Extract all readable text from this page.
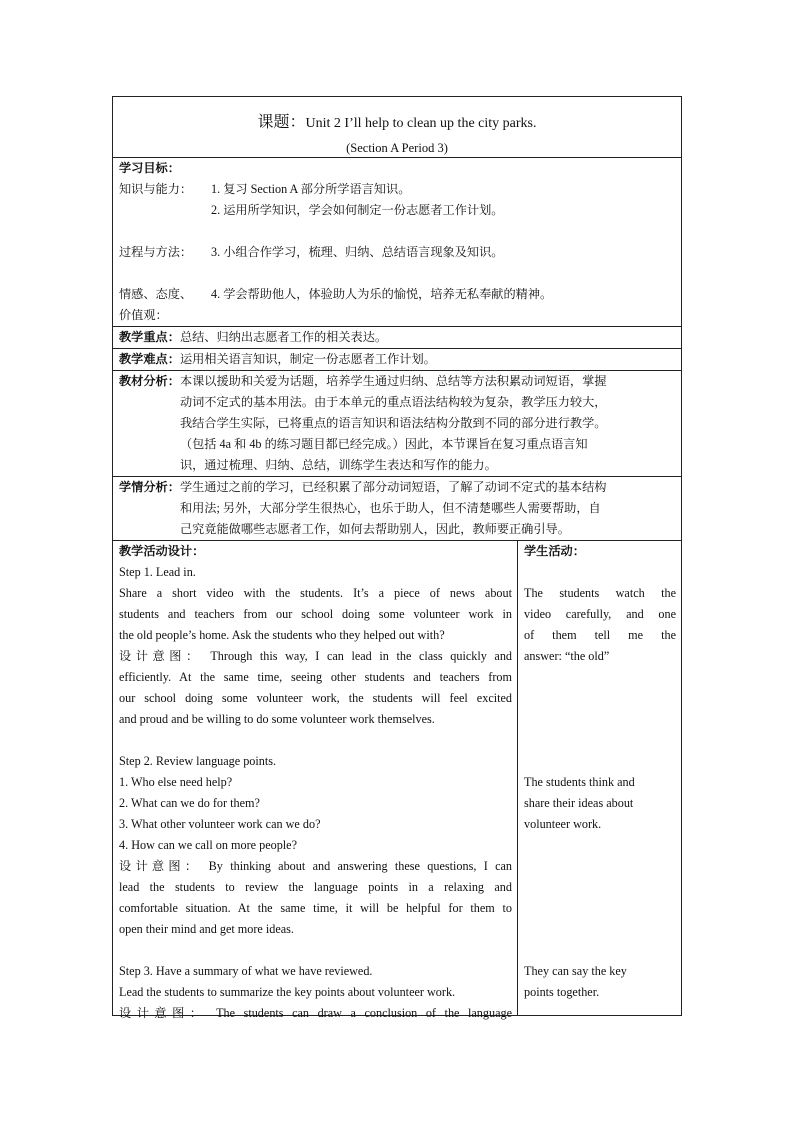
课题：Unit 2 I’ll help to clean up the city parks.
(Section A Period 3)
学习目标：
知识与能力： 1. 复习 Section A 部分所学语言知识。
2. 运用所学知识，学会如何制定一份志愿者工作计划。
过程与方法： 3. 小组合作学习，梳理、归纳、总结语言现象及知识。
情感、态度、 4. 学会帮助他人，体验助人为乐的愉悦，培养无私奉献的精神。
价值观：
教学重点：总结、归纳出志愿者工作的相关表达。
教学难点：运用相关语言知识，制定一份志愿者工作计划。
教材分析： 本课以援助和关爱为话题，培养学生通过归纳、总结等方法积累动词短语，掌握
动词不定式的基本用法。由于本单元的重点语法结构较为复杂，教学压力较大，
我结合学生实际，已将重点的语言知识和语法结构分散到不同的部分进行教学。
（包括 4a 和 4b 的练习题目都已经完成。）因此，本节课旨在复习重点语言知
识，通过梳理、归纳、总结，训练学生表达和写作的能力。
学情分析： 学生通过之前的学习，已经积累了部分动词短语，了解了动词不定式的基本结构
和用法; 另外，大部分学生很热心，也乐于助人，但不清楚哪些人需要帮助，自
己究竟能做哪些志愿者工作，如何去帮助别人，因此，教师要正确引导。
教学活动设计：
Step 1. Lead in.
Share a short video with the students. It’s a piece of news about
students and teachers from our school doing some volunteer work in
the old people’s home. Ask the students who they helped out with?
设计意图： Through this way, I can lead in the class quickly and
efficiently. At the same time, seeing other students and teachers from
our school doing some volunteer work, the students will feel excited
and proud and be willing to do some volunteer work themselves.
Step 2. Review language points.
1. Who else need help?
2. What can we do for them?
3. What other volunteer work can we do?
4. How can we call on more people?
设计意图： By thinking about and answering these questions, I can
lead the students to review the language points in a relaxing and
comfortable situation. At the same time, it will be helpful for them to
open their mind and get more ideas.
Step 3. Have a summary of what we have reviewed.
Lead the students to summarize the key points about volunteer work.
设计意图： The students can draw a conclusion of the language
学生活动：
The students watch the
video carefully, and one
of them tell me the
answer: “the old”
The students think and
share their ideas about
volunteer work.
They can say the key
points together.
